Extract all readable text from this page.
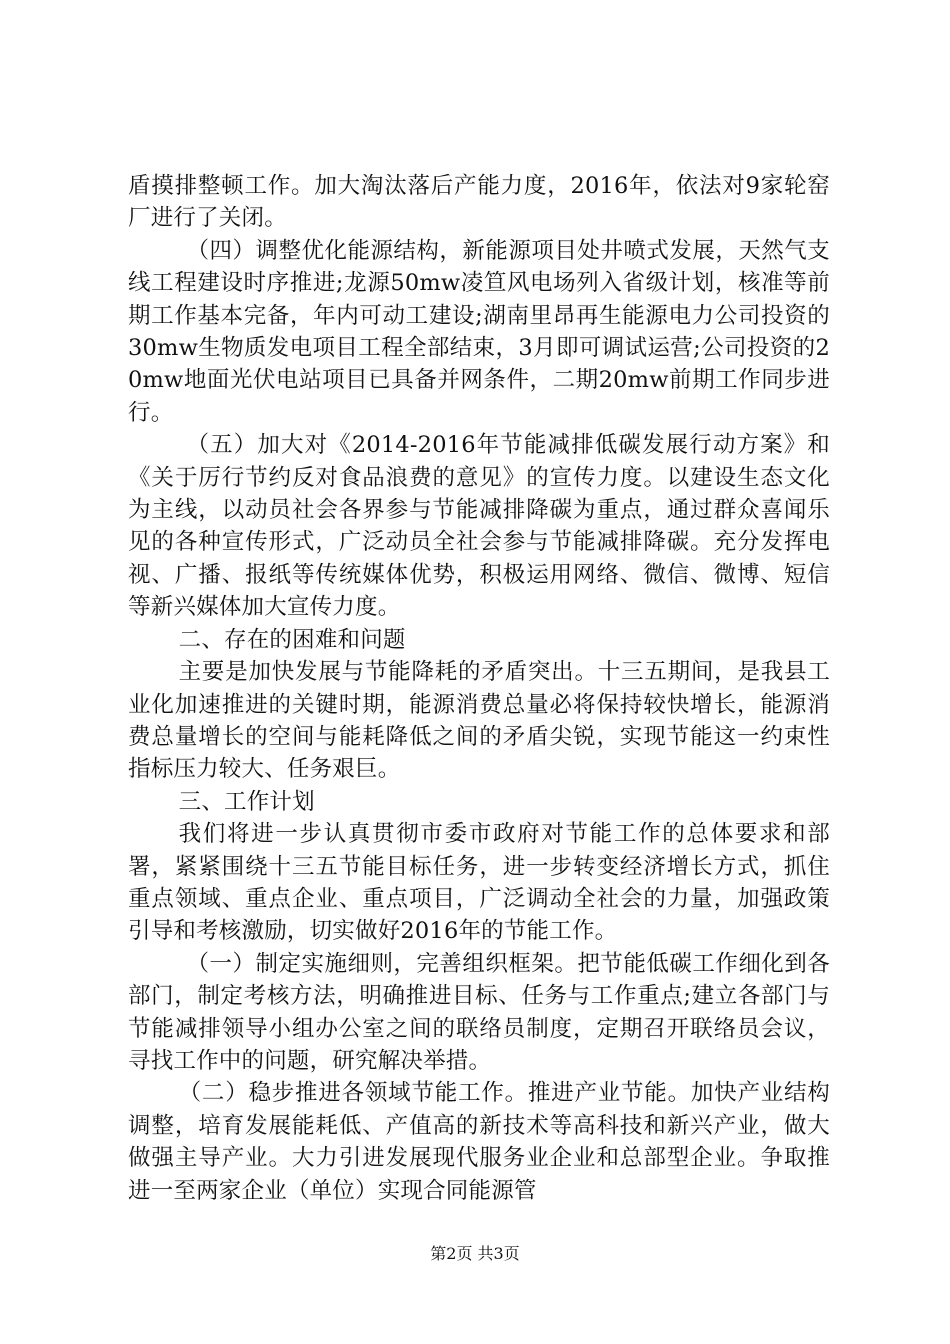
盾摸排整顿工作。加大淘汰落后产能力度，2016年，依法对9家轮窑厂进行了关闭。

（四）调整优化能源结构，新能源项目处井喷式发展，天然气支线工程建设时序推进;龙源50mw凌笪风电场列入省级计划，核准等前期工作基本完备，年内可动工建设;湖南里昂再生能源电力公司投资的30mw生物质发电项目工程全部结束，3月即可调试运营;公司投资的20mw地面光伏电站项目已具备并网条件，二期20mw前期工作同步进行。

（五）加大对《2014-2016年节能减排低碳发展行动方案》和《关于厉行节约反对食品浪费的意见》的宣传力度。以建设生态文化为主线，以动员社会各界参与节能减排降碳为重点，通过群众喜闻乐见的各种宣传形式，广泛动员全社会参与节能减排降碳。充分发挥电视、广播、报纸等传统媒体优势，积极运用网络、微信、微博、短信等新兴媒体加大宣传力度。

二、存在的困难和问题

主要是加快发展与节能降耗的矛盾突出。十三五期间，是我县工业化加速推进的关键时期，能源消费总量必将保持较快增长，能源消费总量增长的空间与能耗降低之间的矛盾尖锐，实现节能这一约束性指标压力较大、任务艰巨。

三、工作计划

我们将进一步认真贯彻市委市政府对节能工作的总体要求和部署，紧紧围绕十三五节能目标任务，进一步转变经济增长方式，抓住重点领域、重点企业、重点项目，广泛调动全社会的力量，加强政策引导和考核激励，切实做好2016年的节能工作。

（一）制定实施细则，完善组织框架。把节能低碳工作细化到各部门，制定考核方法，明确推进目标、任务与工作重点;建立各部门与节能减排领导小组办公室之间的联络员制度，定期召开联络员会议，寻找工作中的问题，研究解决举措。

（二）稳步推进各领域节能工作。推进产业节能。加快产业结构调整，培育发展能耗低、产值高的新技术等高科技和新兴产业，做大做强主导产业。大力引进发展现代服务业企业和总部型企业。争取推进一至两家企业（单位）实现合同能源管

第2页 共3页
